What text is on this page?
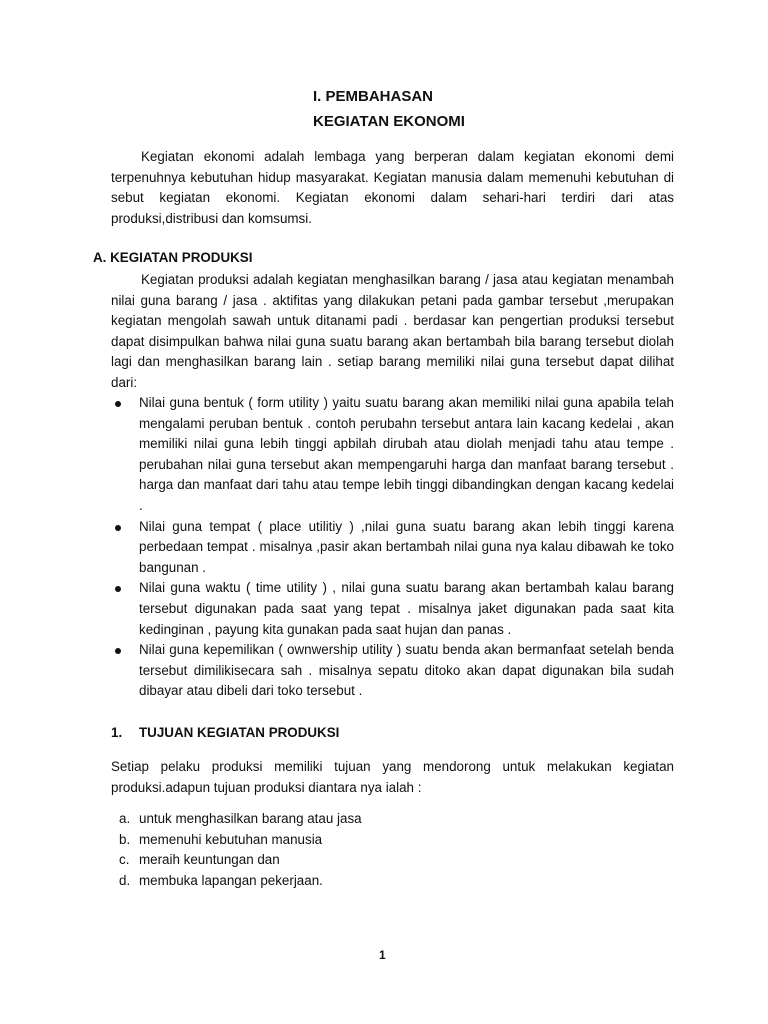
I. PEMBAHASAN
KEGIATAN EKONOMI

Kegiatan ekonomi adalah lembaga yang berperan dalam kegiatan ekonomi demi terpenuhnya kebutuhan hidup masyarakat. Kegiatan manusia dalam memenuhi kebutuhan di sebut kegiatan ekonomi. Kegiatan ekonomi dalam sehari-hari terdiri dari atas produksi,distribusi dan komsumsi.

A. KEGIATAN PRODUKSI

Kegiatan produksi adalah kegiatan menghasilkan barang / jasa atau kegiatan menambah nilai guna barang / jasa . aktifitas yang dilakukan petani pada gambar tersebut ,merupakan kegiatan mengolah sawah untuk ditanami padi . berdasar kan pengertian produksi tersebut dapat disimpulkan bahwa nilai guna suatu barang akan bertambah bila barang tersebut diolah lagi dan menghasilkan barang lain . setiap barang memiliki nilai guna tersebut dapat dilihat dari:

Nilai guna bentuk ( form utility ) yaitu suatu barang akan memiliki nilai guna apabila telah mengalami peruban bentuk . contoh perubahn tersebut antara lain kacang kedelai , akan memiliki nilai guna lebih tinggi apbilah dirubah atau diolah menjadi tahu atau tempe . perubahan nilai guna tersebut akan mempengaruhi harga dan manfaat barang tersebut . harga dan manfaat dari tahu atau tempe lebih tinggi dibandingkan dengan kacang kedelai .
Nilai guna tempat ( place utilitiy ) ,nilai guna suatu barang akan lebih tinggi karena perbedaan tempat . misalnya ,pasir akan bertambah nilai guna nya kalau dibawah ke toko bangunan .
Nilai guna waktu ( time utility ) , nilai guna suatu barang akan bertambah kalau barang tersebut digunakan pada saat yang tepat . misalnya jaket digunakan pada saat kita kedinginan , payung kita gunakan pada saat hujan dan panas .
Nilai guna kepemilikan ( ownwership utility ) suatu benda akan bermanfaat setelah benda tersebut dimilikisecara sah . misalnya sepatu ditoko akan dapat digunakan bila sudah dibayar atau dibeli dari toko tersebut .
1. TUJUAN KEGIATAN PRODUKSI

Setiap pelaku produksi memiliki tujuan yang mendorong untuk melakukan kegiatan produksi.adapun tujuan produksi diantara nya ialah :

a. untuk menghasilkan barang atau jasa
b. memenuhi kebutuhan manusia
c. meraih keuntungan dan
d. membuka lapangan pekerjaan.
1
